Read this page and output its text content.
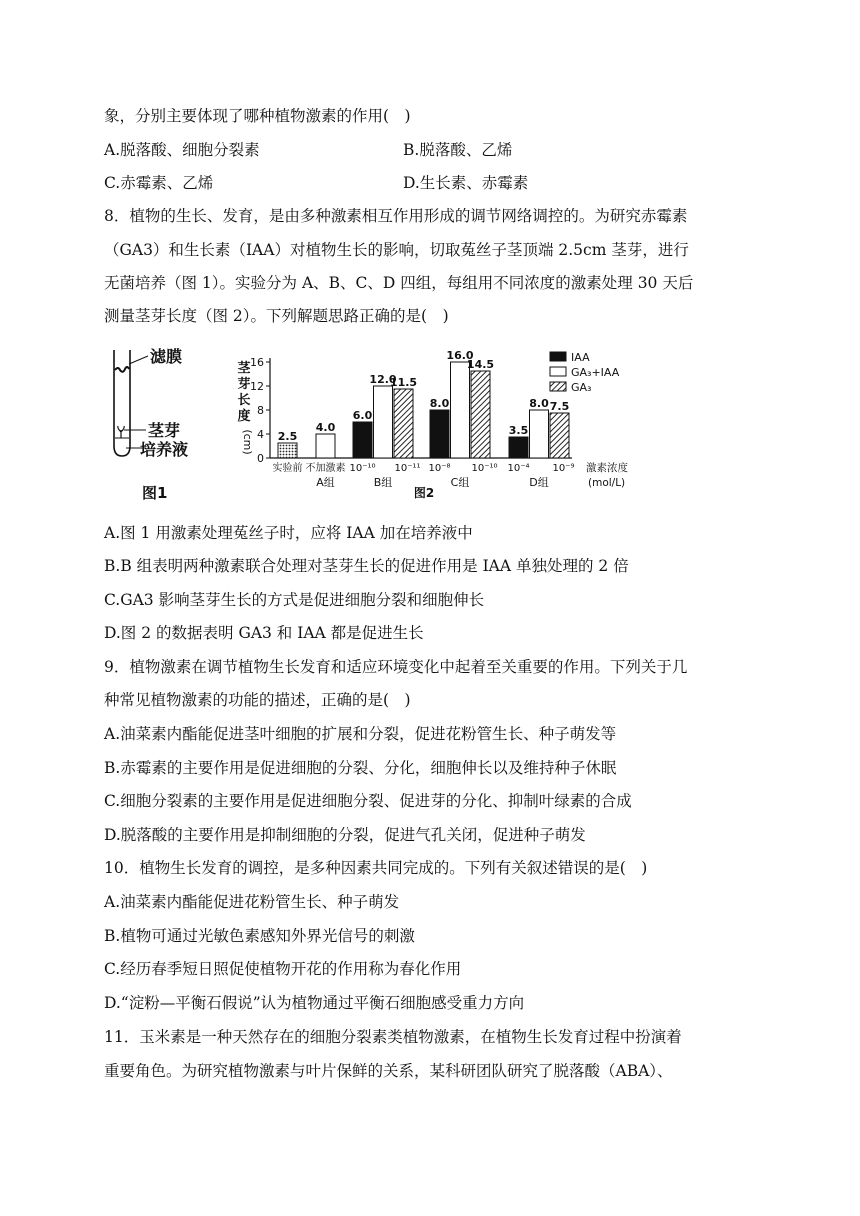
象，分别主要体现了哪种植物激素的作用(　)
A.脱落酸、细胞分裂素	B.脱落酸、乙烯
C.赤霉素、乙烯	D.生长素、赤霉素
8．植物的生长、发育，是由多种激素相互作用形成的调节网络调控的。为研究赤霉素
（GA3）和生长素（IAA）对植物生长的影响，切取菟丝子茎顶端 2.5cm 茎芽，进行
无菌培养（图 1）。实验分为 A、B、C、D 四组，每组用不同浓度的激素处理 30 天后
测量茎芽长度（图 2）。下列解题思路正确的是(　)
滤膜
茎芽
培养液
图1
0
4
8
12
16
茎
芽
长
度
(cm) 2.5
实验前
4.0
不加激素
A组
6.0
10⁻¹⁰
12.0
11.5
10⁻¹¹
B组
8.0
10⁻⁸
16.0
14.5
10⁻¹⁰
C组
3.5
10⁻⁴
8.0 7.5
10⁻⁹
D组
激素浓度
(mol/L)
IAA
GA₃+IAA
GA₃
图2
A.图 1 用激素处理菟丝子时，应将 IAA 加在培养液中
B.B 组表明两种激素联合处理对茎芽生长的促进作用是 IAA 单独处理的 2 倍
C.GA3 影响茎芽生长的方式是促进细胞分裂和细胞伸长
D.图 2 的数据表明 GA3 和 IAA 都是促进生长
9．植物激素在调节植物生长发育和适应环境变化中起着至关重要的作用。下列关于几
种常见植物激素的功能的描述，正确的是(　)
A.油菜素内酯能促进茎叶细胞的扩展和分裂，促进花粉管生长、种子萌发等
B.赤霉素的主要作用是促进细胞的分裂、分化，细胞伸长以及维持种子休眠
C.细胞分裂素的主要作用是促进细胞分裂、促进芽的分化、抑制叶绿素的合成
D.脱落酸的主要作用是抑制细胞的分裂，促进气孔关闭，促进种子萌发
10．植物生长发育的调控，是多种因素共同完成的。下列有关叙述错误的是(　)
A.油菜素内酯能促进花粉管生长、种子萌发
B.植物可通过光敏色素感知外界光信号的刺激
C.经历春季短日照促使植物开花的作用称为春化作用
D.“淀粉—平衡石假说”认为植物通过平衡石细胞感受重力方向
11．玉米素是一种天然存在的细胞分裂素类植物激素，在植物生长发育过程中扮演着
重要角色。为研究植物激素与叶片保鲜的关系，某科研团队研究了脱落酸（ABA）、
